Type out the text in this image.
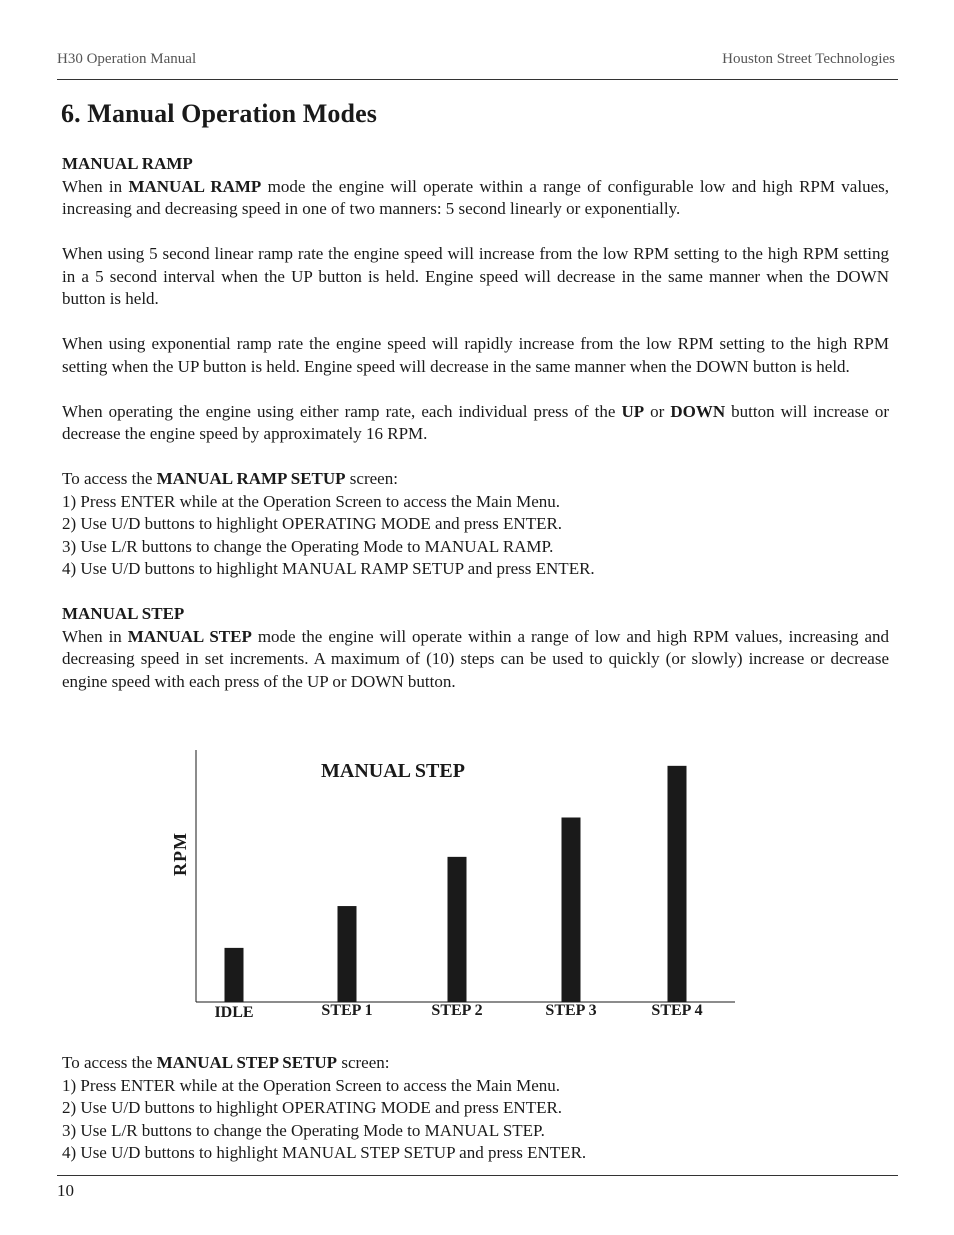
H30 Operation Manual	Houston Street Technologies
6. Manual Operation Modes

MANUAL RAMP

When in MANUAL RAMP mode the engine will operate within a range of configurable low and high RPM values, increasing and decreasing speed in one of two manners: 5 second linearly or exponentially.

When using 5 second linear ramp rate the engine speed will increase from the low RPM setting to the high RPM setting in a 5 second interval when the UP button is held. Engine speed will decrease in the same manner when the DOWN button is held.

When using exponential ramp rate the engine speed will rapidly increase from the low RPM setting to the high RPM setting when the UP button is held. Engine speed will decrease in the same manner when the DOWN button is held.

When operating the engine using either ramp rate, each individual press of the UP or DOWN button will increase or decrease the engine speed by approximately 16 RPM.

To access the MANUAL RAMP SETUP screen:

1) Press ENTER while at the Operation Screen to access the Main Menu.

2) Use U/D buttons to highlight OPERATING MODE and press ENTER.

3) Use L/R buttons to change the Operating Mode to MANUAL RAMP.

4) Use U/D buttons to highlight MANUAL RAMP SETUP and press ENTER.

MANUAL STEP

When in MANUAL STEP mode the engine will operate within a range of low and high RPM values, increasing and decreasing speed in set increments. A maximum of (10) steps can be used to quickly (or slowly) increase or decrease engine speed with each press of the UP or DOWN button.

MANUAL STEP
RPM
IDLE	STEP 1	STEP 2	STEP 3	STEP 4

To access the MANUAL STEP SETUP screen:

1) Press ENTER while at the Operation Screen to access the Main Menu.

2) Use U/D buttons to highlight OPERATING MODE and press ENTER.

3) Use L/R buttons to change the Operating Mode to MANUAL STEP.

4) Use U/D buttons to highlight MANUAL STEP SETUP and press ENTER.

10
